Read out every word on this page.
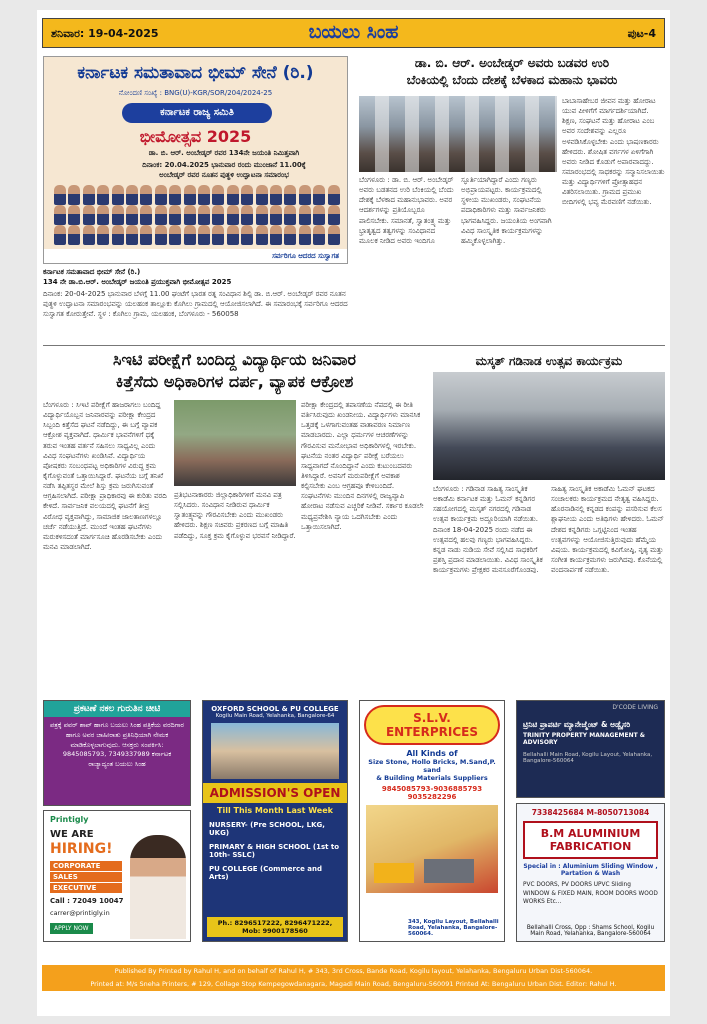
ಶನಿವಾರ: 19-04-2025	ಬಯಲು ಸಿಂಹ	ಪುಟ-4
ಕರ್ನಾಟಕ ಸಮತಾವಾದ ಭೀಮ್ ಸೇನೆ (ರಿ.)
ನೋಂದಣಿ ಸಂಖ್ಯೆ : BNG(U)-KGR/SOR/204/2024-25
ಕರ್ನಾಟಕ ರಾಜ್ಯ ಸಮಿತಿ
ಭೀಮೋತ್ಸವ 2025
ಡಾ. ಬಿ. ಆರ್. ಅಂಬೇಡ್ಕರ್ ರವರ 134ನೇ ಜಯಂತಿ ನಿಮಿತ್ತವಾಗಿ
ದಿನಾಂಕ: 20.04.2025 ಭಾನುವಾರ ರಂದು ಮುಂಜಾನೆ 11.00ಕ್ಕೆ
ಅಂಬೇಡ್ಕರ್ ರವರ ನೂತನ ಪುತ್ಥಳಿ ಉದ್ಘಾಟನಾ ಸಮಾರಂಭ
ಸರ್ವರಿಗೂ ಆದರದ ಸುಸ್ವಾಗತ
ಕರ್ನಾಟಕ ಸಮತಾವಾದ ಭೀಮ್ ಸೇನೆ (ರಿ.)
134 ನೇ ಡಾ.ಬಿ.ಆರ್. ಅಂಬೇಡ್ಕರ್ ಜಯಂತಿ ಪ್ರಯುಕ್ತವಾಗಿ ಭೀಮೋತ್ಸವ 2025
ದಿನಾಂಕ: 20-04-2025 ಭಾನುವಾರ ಬೆಳಗ್ಗೆ 11.00 ಘಂಟೆಗೆ ಭಾರತ ರತ್ನ ಸಂವಿಧಾನ ಶಿಲ್ಪಿ ಡಾ. ಬಿ.ಆರ್. ಅಂಬೇಡ್ಕರ್ ರವರ ನೂತನ ಪುತ್ಥಳಿ ಉದ್ಘಾಟನಾ ಸಮಾರಂಭವನ್ನು ಯಲಹಂಕ ತಾಲ್ಲೂಕು ಕೊಗಿಲು ಗ್ರಾಮದಲ್ಲಿ ಆಯೋಜಿಸಲಾಗಿದೆ. ಈ ಸಮಾರಂಭಕ್ಕೆ ಸರ್ವರಿಗೂ ಆದರದ ಸುಸ್ವಾಗತ ಕೋರುತ್ತೇವೆ. ಸ್ಥಳ : ಕೊಗಿಲು ಗ್ರಾಮ, ಯಲಹಂಕ, ಬೆಂಗಳೂರು - 560058
ಡಾ. ಬಿ. ಆರ್. ಅಂಬೇಡ್ಕರ್ ಅವರು ಬಡವರ ಉರಿ
ಬೆಂಕಿಯಲ್ಲಿ ಬೆಂದು ದೇಶಕ್ಕೆ ಬೆಳಕಾದ ಮಹಾನು ಭಾವರು
ಬೆಂಗಳೂರು : ಡಾ. ಬಿ. ಆರ್. ಅಂಬೇಡ್ಕರ್ ಅವರು ಬಡತನದ ಉರಿ ಬೆಂಕಿಯಲ್ಲಿ ಬೆಂದು ದೇಶಕ್ಕೆ ಬೆಳಕಾದ ಮಹಾನುಭಾವರು. ಅವರ ಆದರ್ಶಗಳನ್ನು ಪ್ರತಿಯೊಬ್ಬರೂ ಪಾಲಿಸಬೇಕು. ಸಮಾನತೆ, ಸ್ವಾತಂತ್ರ್ಯ ಮತ್ತು ಭ್ರಾತೃತ್ವದ ತತ್ವಗಳನ್ನು ಸಂವಿಧಾನದ ಮೂಲಕ ನೀಡಿದ ಅವರು ಇಂದಿಗೂ ಸ್ಫೂರ್ತಿಯಾಗಿದ್ದಾರೆ ಎಂದು ಗಣ್ಯರು ಅಭಿಪ್ರಾಯಪಟ್ಟರು. ಕಾರ್ಯಕ್ರಮದಲ್ಲಿ ಸ್ಥಳೀಯ ಮುಖಂಡರು, ಸಂಘಟನೆಯ ಪದಾಧಿಕಾರಿಗಳು ಮತ್ತು ಸಾರ್ವಜನಿಕರು ಭಾಗವಹಿಸಿದ್ದರು. ಜಯಂತಿಯ ಅಂಗವಾಗಿ ವಿವಿಧ ಸಾಂಸ್ಕೃತಿಕ ಕಾರ್ಯಕ್ರಮಗಳನ್ನು ಹಮ್ಮಿಕೊಳ್ಳಲಾಗಿತ್ತು.
ಬಾಬಾಸಾಹೇಬರ ಜೀವನ ಮತ್ತು ಹೋರಾಟ ಯುವ ಪೀಳಿಗೆಗೆ ಮಾರ್ಗದರ್ಶಿಯಾಗಿದೆ. ಶಿಕ್ಷಣ, ಸಂಘಟನೆ ಮತ್ತು ಹೋರಾಟ ಎಂಬ ಅವರ ಸಂದೇಶವನ್ನು ಎಲ್ಲರೂ ಅಳವಡಿಸಿಕೊಳ್ಳಬೇಕು ಎಂದು ಭಾಷಣಕಾರರು ಹೇಳಿದರು. ಶೋಷಿತ ವರ್ಗಗಳ ಏಳಿಗೆಗಾಗಿ ಅವರು ನೀಡಿದ ಕೊಡುಗೆ ಅಪಾರವಾದದ್ದು. ಸಮಾರಂಭದಲ್ಲಿ ಸಾಧಕರನ್ನು ಸನ್ಮಾನಿಸಲಾಯಿತು ಮತ್ತು ವಿದ್ಯಾರ್ಥಿಗಳಿಗೆ ಪ್ರೋತ್ಸಾಹಧನ ವಿತರಿಸಲಾಯಿತು. ಗ್ರಾಮದ ಪ್ರಮುಖ ಬೀದಿಗಳಲ್ಲಿ ಭವ್ಯ ಮೆರವಣಿಗೆ ನಡೆಯಿತು.
ಸಿಇಟಿ ಪರೀಕ್ಷೆಗೆ ಬಂದಿದ್ದ ವಿದ್ಯಾರ್ಥಿಯ ಜನಿವಾರ
ಕಿತ್ತೆಸೆದು ಅಧಿಕಾರಿಗಳ ದರ್ಪ, ವ್ಯಾಪಕ ಆಕ್ರೋಶ
ಬೆಂಗಳೂರು : ಸಿಇಟಿ ಪರೀಕ್ಷೆಗೆ ಹಾಜರಾಗಲು ಬಂದಿದ್ದ ವಿದ್ಯಾರ್ಥಿಯೊಬ್ಬನ ಜನಿವಾರವನ್ನು ಪರೀಕ್ಷಾ ಕೇಂದ್ರದ ಸಿಬ್ಬಂದಿ ಕಿತ್ತೆಸೆದ ಘಟನೆ ನಡೆದಿದ್ದು, ಈ ಬಗ್ಗೆ ವ್ಯಾಪಕ ಆಕ್ರೋಶ ವ್ಯಕ್ತವಾಗಿದೆ. ಧಾರ್ಮಿಕ ಭಾವನೆಗಳಿಗೆ ಧಕ್ಕೆ ತರುವ ಇಂತಹ ವರ್ತನೆ ಸಹಿಸಲು ಸಾಧ್ಯವಿಲ್ಲ ಎಂದು ವಿವಿಧ ಸಂಘಟನೆಗಳು ಖಂಡಿಸಿವೆ. ವಿದ್ಯಾರ್ಥಿಯ ಪೋಷಕರು ಸಂಬಂಧಪಟ್ಟ ಅಧಿಕಾರಿಗಳ ವಿರುದ್ಧ ಕ್ರಮ ಕೈಗೊಳ್ಳುವಂತೆ ಒತ್ತಾಯಿಸಿದ್ದಾರೆ. ಘಟನೆಯ ಬಗ್ಗೆ ತನಿಖೆ ನಡೆಸಿ ತಪ್ಪಿತಸ್ಥರ ಮೇಲೆ ಶಿಸ್ತು ಕ್ರಮ ಜರುಗಿಸುವಂತೆ ಆಗ್ರಹಿಸಲಾಗಿದೆ. ಪರೀಕ್ಷಾ ಪ್ರಾಧಿಕಾರವು ಈ ಕುರಿತು ವರದಿ ಕೇಳಿದೆ. ಸಾರ್ವಜನಿಕ ವಲಯದಲ್ಲಿ ಘಟನೆಗೆ ತೀವ್ರ ವಿರೋಧ ವ್ಯಕ್ತವಾಗಿದ್ದು, ಸಾಮಾಜಿಕ ಜಾಲತಾಣಗಳಲ್ಲೂ ಚರ್ಚೆ ನಡೆಯುತ್ತಿದೆ. ಮುಂದೆ ಇಂತಹ ಘಟನೆಗಳು ಮರುಕಳಿಸದಂತೆ ಮಾರ್ಗಸೂಚಿ ಹೊರಡಿಸಬೇಕು ಎಂದು ಮನವಿ ಮಾಡಲಾಗಿದೆ.
ಪ್ರತಿಭಟನಾಕಾರರು ಜಿಲ್ಲಾಧಿಕಾರಿಗಳಿಗೆ ಮನವಿ ಪತ್ರ ಸಲ್ಲಿಸಿದರು. ಸಂವಿಧಾನ ನೀಡಿರುವ ಧಾರ್ಮಿಕ ಸ್ವಾತಂತ್ರ್ಯವನ್ನು ಗೌರವಿಸಬೇಕು ಎಂದು ಮುಖಂಡರು ಹೇಳಿದರು. ಶಿಕ್ಷಣ ಸಚಿವರು ಪ್ರಕರಣದ ಬಗ್ಗೆ ಮಾಹಿತಿ ಪಡೆದಿದ್ದು, ಸೂಕ್ತ ಕ್ರಮ ಕೈಗೊಳ್ಳುವ ಭರವಸೆ ನೀಡಿದ್ದಾರೆ.
ಪರೀಕ್ಷಾ ಕೇಂದ್ರದಲ್ಲಿ ತಪಾಸಣೆಯ ನೆಪದಲ್ಲಿ ಈ ರೀತಿ ವರ್ತಿಸಿರುವುದು ಖಂಡನೀಯ. ವಿದ್ಯಾರ್ಥಿಗಳು ಮಾನಸಿಕ ಒತ್ತಡಕ್ಕೆ ಒಳಗಾಗುವಂತಹ ವಾತಾವರಣ ನಿರ್ಮಾಣ ಮಾಡಬಾರದು. ಎಲ್ಲಾ ಧರ್ಮಗಳ ಆಚರಣೆಗಳನ್ನು ಗೌರವಿಸುವ ಮನೋಭಾವ ಅಧಿಕಾರಿಗಳಲ್ಲಿ ಇರಬೇಕು. ಘಟನೆಯ ನಂತರ ವಿದ್ಯಾರ್ಥಿ ಪರೀಕ್ಷೆ ಬರೆಯಲು ಸಾಧ್ಯವಾಗದೆ ನೊಂದಿದ್ದಾನೆ ಎಂದು ಕುಟುಂಬದವರು ತಿಳಿಸಿದ್ದಾರೆ. ಅವನಿಗೆ ಮರುಪರೀಕ್ಷೆಗೆ ಅವಕಾಶ ಕಲ್ಪಿಸಬೇಕು ಎಂಬ ಆಗ್ರಹವೂ ಕೇಳಿಬಂದಿದೆ. ಸಂಘಟನೆಗಳು ಮುಂದಿನ ದಿನಗಳಲ್ಲಿ ರಾಜ್ಯವ್ಯಾಪಿ ಹೋರಾಟ ನಡೆಸುವ ಎಚ್ಚರಿಕೆ ನೀಡಿವೆ. ಸರ್ಕಾರ ಕೂಡಲೇ ಮಧ್ಯಪ್ರವೇಶಿಸಿ ನ್ಯಾಯ ಒದಗಿಸಬೇಕು ಎಂದು ಒತ್ತಾಯಿಸಲಾಗಿದೆ.
ಮಸ್ಕತ್ ಗಡಿನಾಡ ಉತ್ಸವ ಕಾರ್ಯಕ್ರಮ
ಬೆಂಗಳೂರು : ಗಡಿನಾಡ ಸಾಹಿತ್ಯ ಸಾಂಸ್ಕೃತಿಕ ಅಕಾಡೆಮಿ ಕರ್ನಾಟಕ ಮತ್ತು ಓಮನ್ ಕನ್ನಡಿಗರ ಸಹಯೋಗದಲ್ಲಿ ಮಸ್ಕತ್ ನಗರದಲ್ಲಿ ಗಡಿನಾಡ ಉತ್ಸವ ಕಾರ್ಯಕ್ರಮ ಅದ್ದೂರಿಯಾಗಿ ನಡೆಯಿತು. ದಿನಾಂಕ 18-04-2025 ರಂದು ನಡೆದ ಈ ಉತ್ಸವದಲ್ಲಿ ಹಲವು ಗಣ್ಯರು ಭಾಗವಹಿಸಿದ್ದರು. ಕನ್ನಡ ನಾಡು ನುಡಿಯ ಸೇವೆ ಸಲ್ಲಿಸಿದ ಸಾಧಕರಿಗೆ ಪ್ರಶಸ್ತಿ ಪ್ರದಾನ ಮಾಡಲಾಯಿತು. ವಿವಿಧ ಸಾಂಸ್ಕೃತಿಕ ಕಾರ್ಯಕ್ರಮಗಳು ಪ್ರೇಕ್ಷಕರ ಮನಸೂರೆಗೊಂಡವು.
ಸಾಹಿತ್ಯ ಸಾಂಸ್ಕೃತಿಕ ಅಕಾಡೆಮಿ ಓಮನ್ ಘಟಕದ ಸಂಚಾಲಕರು ಕಾರ್ಯಕ್ರಮದ ನೇತೃತ್ವ ವಹಿಸಿದ್ದರು. ಹೊರನಾಡಿನಲ್ಲಿ ಕನ್ನಡದ ಕಂಪನ್ನು ಪಸರಿಸುವ ಕೆಲಸ ಶ್ಲಾಘನೀಯ ಎಂದು ಅತಿಥಿಗಳು ಹೇಳಿದರು. ಓಮನ್ ದೇಶದ ಕನ್ನಡಿಗರು ಒಗ್ಗಟ್ಟಿನಿಂದ ಇಂತಹ ಉತ್ಸವಗಳನ್ನು ಆಯೋಜಿಸುತ್ತಿರುವುದು ಹೆಮ್ಮೆಯ ವಿಷಯ. ಕಾರ್ಯಕ್ರಮದಲ್ಲಿ ಕವಿಗೋಷ್ಠಿ, ನೃತ್ಯ ಮತ್ತು ಸಂಗೀತ ಕಾರ್ಯಕ್ರಮಗಳು ಜರುಗಿದವು. ಕೊನೆಯಲ್ಲಿ ವಂದನಾರ್ಪಣೆ ನಡೆಯಿತು.
ಪ್ರಕಟಣೆ ನಕಲ ಗುರುತಿನ ಚೀಟಿ
ಪತ್ರಕ್ಕೆ ಪವರ್ ಶಾಪ್ ಹಾಗೂ ಬಯಲು ಸಿಂಹ ಪತ್ರಿಕೆಯ ವರದಿಗಾರ ಹಾಗೂ ಅವರ ಜಾಹೀರಾತು ಪ್ರತಿನಿಧಿಯಾಗಿ ನೇಮಕ ಮಾಡಿಕೊಳ್ಳಲಾಗುವುದು. ಆಸಕ್ತರು ಸಂಪರ್ಕಿಸಿ: 9845085793, 7349337989 ಕರ್ನಾಟಕ ರಾಜ್ಯಾದ್ಯಂತ ಬಯಲು ಸಿಂಹ
Printigly
WE ARE
HIRING!
CORPORATE
SALES
EXECUTIVE
Call : 72049 10047
carrer@printigly.in
APPLY NOW
OXFORD SCHOOL & PU COLLEGE
Kogilu Main Road, Yelahanka, Bangalore-64
ADMISSION'S OPEN
Till This Month Last Week
NURSERY- (Pre SCHOOL, LKG, UKG)
PRIMARY & HIGH SCHOOL (1st to 10th- SSLC)
PU COLLEGE (Commerce and Arts)
Ph.: 8296517222, 8296471222,
Mob: 9900178560
S.L.V. ENTERPRICES
All Kinds of
Size Stone, Hollo Bricks, M.Sand,P. sand
& Building Materials Suppliers
9845085793-9036885793
9035282296
343, Kogilu Layout, Bellahalli Road, Yelahanka, Bangalore-560064.
D'CODE LIVING
ಟ್ರಿನಿಟಿ ಪ್ರಾಪರ್ಟಿ ಮ್ಯಾನೇಜ್ಮೆಂಟ್ & ಅಡ್ವೈಸರಿ
TRINITY PROPERTY MANAGEMENT & ADVISORY
Bellahalli Main Road, Kogilu Layout, Yelahanka, Bangalore-560064
7338425684 M-8050713084
B.M ALUMINIUM FABRICATION
Special in : Aluminium Sliding Window , Partation & Wash
PVC DOORS, PV DOORS UPVC Sliding WINDOW & FIXED MAIN, ROOM DOORS WOOD WORKS Etc...
Bellahalli Cross, Opp : Shams School, Kogilu Main Road, Yelahanka, Bangalore-560064
Published By Printed by Rahul H, and on behalf of Rahul H, # 343, 3rd Cross, Bande Road, Kogilu layout, Yelahanka, Bengaluru Urban Dist-560064.
Printed at: M/s Sneha Printers, # 129, Collage Stop Kempegowdanagara, Magadi Main Road, Bengaluru-560091 Printed At: Bengaluru Urban Dist. Editor: Rahul H.
